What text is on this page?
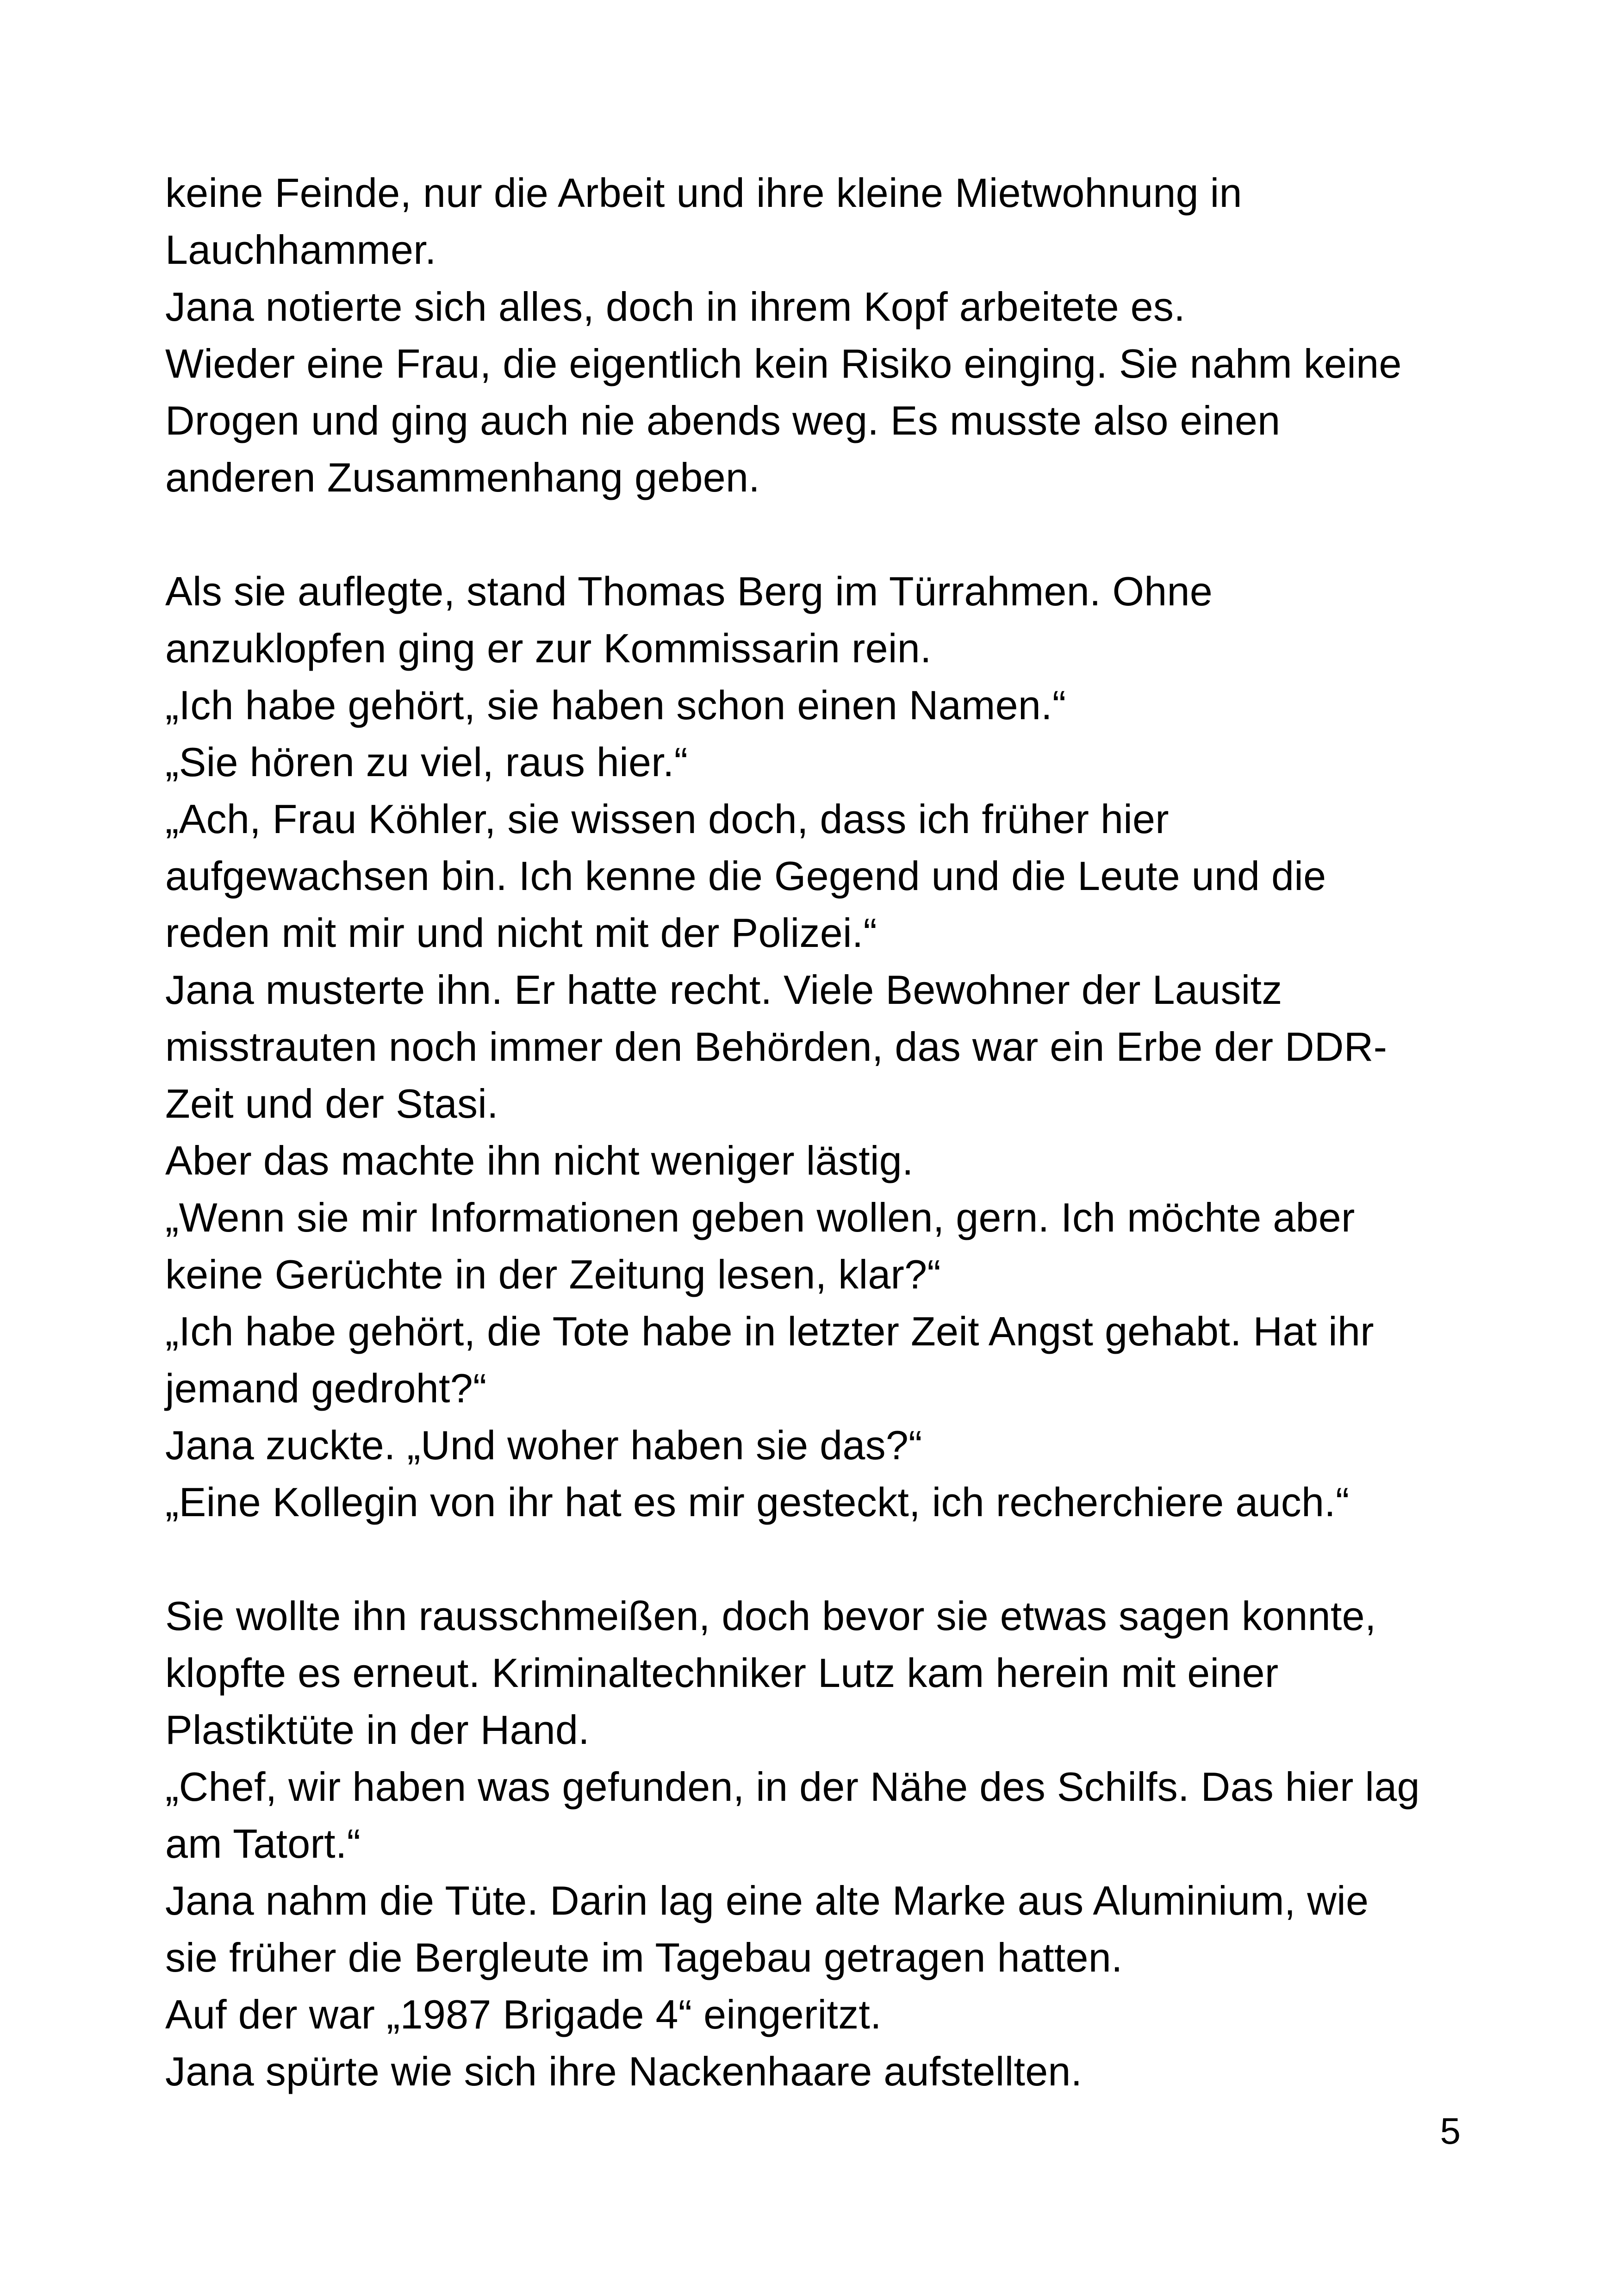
keine Feinde, nur die Arbeit und ihre kleine Mietwohnung in
Lauchhammer.
Jana notierte sich alles, doch in ihrem Kopf arbeitete es.
Wieder eine Frau, die eigentlich kein Risiko einging. Sie nahm keine
Drogen und ging auch nie abends weg. Es musste also einen
anderen Zusammenhang geben.
Als sie auflegte, stand Thomas Berg im Türrahmen. Ohne
anzuklopfen ging er zur Kommissarin rein.
„Ich habe gehört, sie haben schon einen Namen.“
„Sie hören zu viel, raus hier.“
„Ach, Frau Köhler, sie wissen doch, dass ich früher hier
aufgewachsen bin. Ich kenne die Gegend und die Leute und die
reden mit mir und nicht mit der Polizei.“
Jana musterte ihn. Er hatte recht. Viele Bewohner der Lausitz
misstrauten noch immer den Behörden, das war ein Erbe der DDR-
Zeit und der Stasi.
Aber das machte ihn nicht weniger lästig.
„Wenn sie mir Informationen geben wollen, gern. Ich möchte aber
keine Gerüchte in der Zeitung lesen, klar?“
„Ich habe gehört, die Tote habe in letzter Zeit Angst gehabt. Hat ihr
jemand gedroht?“
Jana zuckte. „Und woher haben sie das?“
„Eine Kollegin von ihr hat es mir gesteckt, ich recherchiere auch.“
Sie wollte ihn rausschmeißen, doch bevor sie etwas sagen konnte,
klopfte es erneut. Kriminaltechniker Lutz kam herein mit einer
Plastiktüte in der Hand.
„Chef, wir haben was gefunden, in der Nähe des Schilfs. Das hier lag
am Tatort.“
Jana nahm die Tüte. Darin lag eine alte Marke aus Aluminium, wie
sie früher die Bergleute im Tagebau getragen hatten.
Auf der war „1987 Brigade 4“ eingeritzt.
Jana spürte wie sich ihre Nackenhaare aufstellten.
5
